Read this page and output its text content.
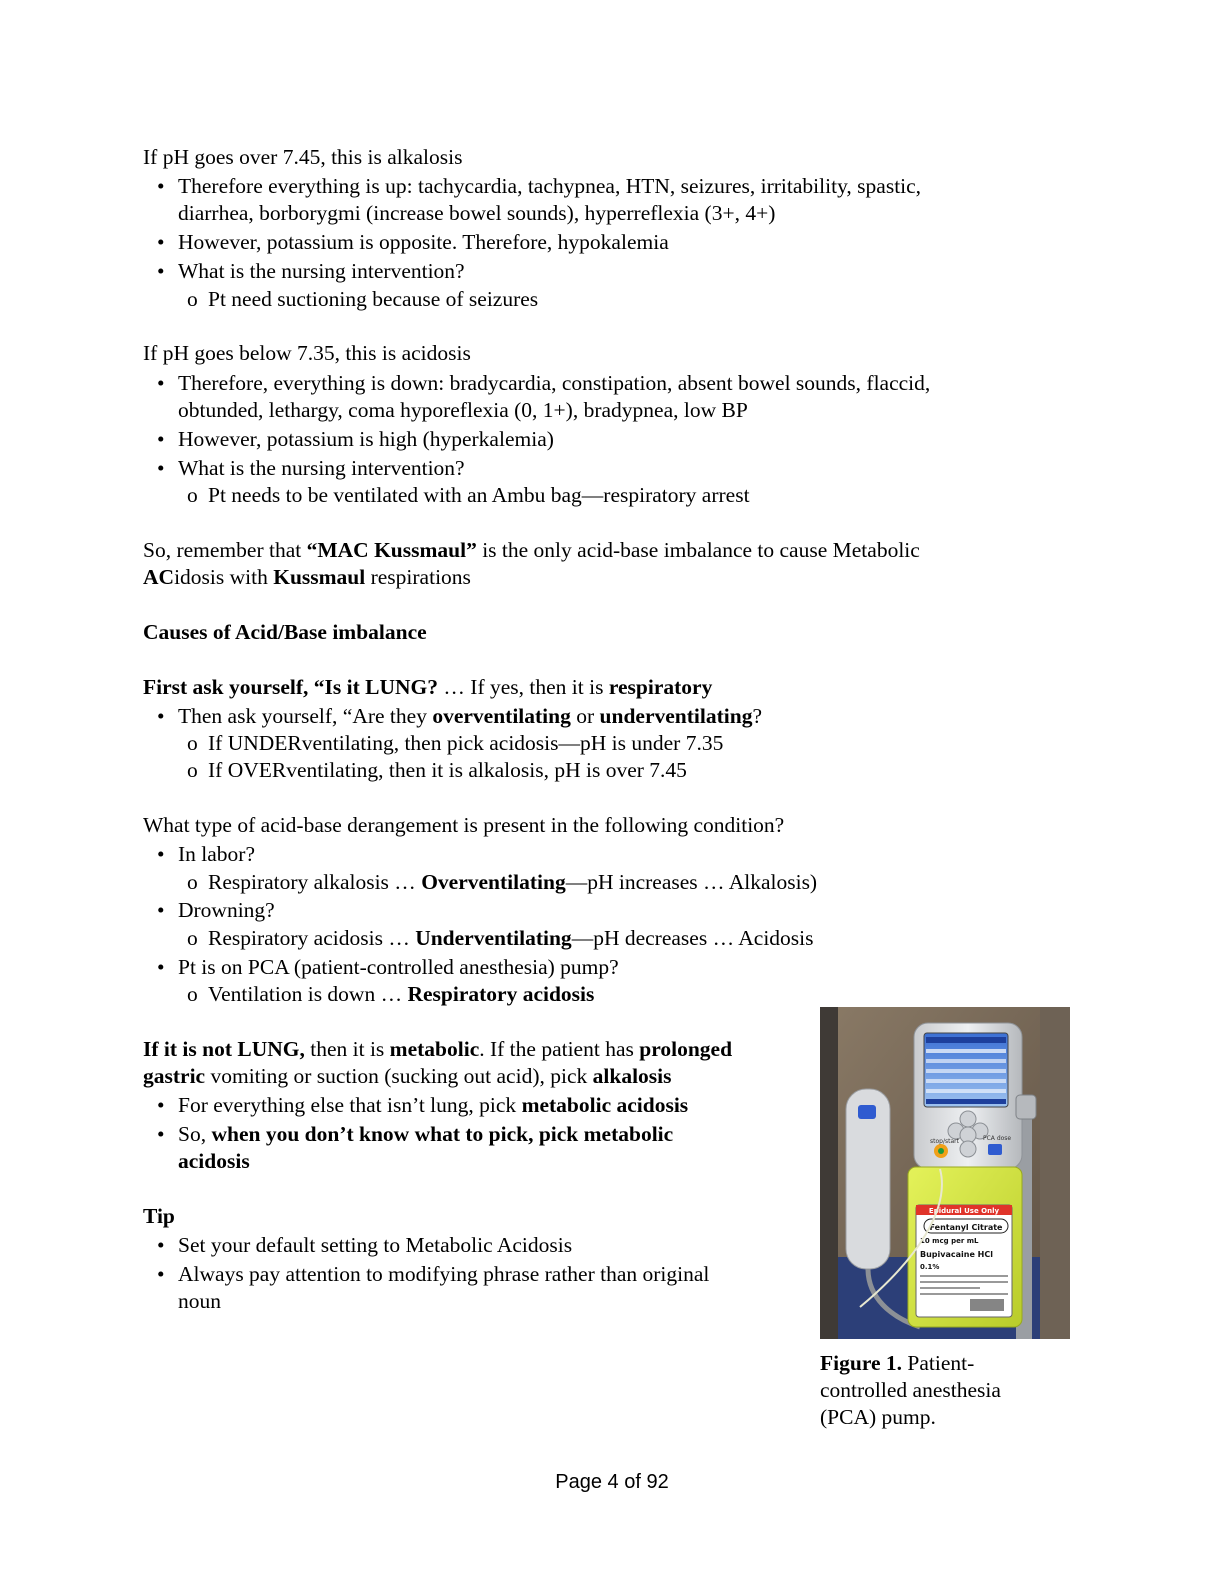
If pH goes over 7.45, this is alkalosis
• Therefore everything is up: tachycardia, tachypnea, HTN, seizures, irritability, spastic,
diarrhea, borborygmi (increase bowel sounds), hyperreflexia (3+, 4+)
• However, potassium is opposite. Therefore, hypokalemia
• What is the nursing intervention?
o Pt need suctioning because of seizures
If pH goes below 7.35, this is acidosis
• Therefore, everything is down: bradycardia, constipation, absent bowel sounds, flaccid,
obtunded, lethargy, coma hyporeflexia (0, 1+), bradypnea, low BP
• However, potassium is high (hyperkalemia)
• What is the nursing intervention?
o Pt needs to be ventilated with an Ambu bag—respiratory arrest
So, remember that “MAC Kussmaul” is the only acid-base imbalance to cause Metabolic
ACidosis with Kussmaul respirations
Causes of Acid/Base imbalance
First ask yourself, “Is it LUNG? … If yes, then it is respiratory
• Then ask yourself, “Are they overventilating or underventilating?
o If UNDERventilating, then pick acidosis—pH is under 7.35
o If OVERventilating, then it is alkalosis, pH is over 7.45
What type of acid-base derangement is present in the following condition?
• In labor?
o Respiratory alkalosis … Overventilating—pH increases … Alkalosis)
• Drowning?
o Respiratory acidosis … Underventilating—pH decreases … Acidosis
• Pt is on PCA (patient-controlled anesthesia) pump?
o Ventilation is down … Respiratory acidosis
If it is not LUNG, then it is metabolic. If the patient has prolonged
gastric vomiting or suction (sucking out acid), pick alkalosis
• For everything else that isn’t lung, pick metabolic acidosis
• So, when you don’t know what to pick, pick metabolic
acidosis
Tip
• Set your default setting to Metabolic Acidosis
• Always pay attention to modifying phrase rather than original
noun
stop/start	PCA dose
Epidural Use Only
Fentanyl Citrate
10 mcg per mL
Bupivacaine HCl
0.1%
Figure 1. Patient-
controlled anesthesia
(PCA) pump.
Page 4 of 92
